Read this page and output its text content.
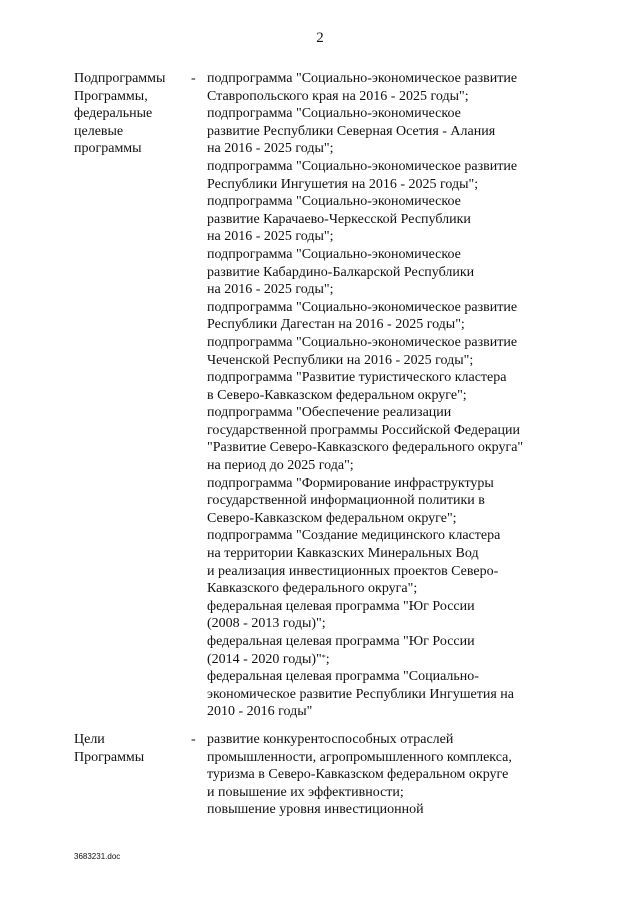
2
Подпрограммы
Программы,
федеральные
целевые
программы
- подпрограмма "Социально-экономическое развитие
Ставропольского края на 2016 - 2025 годы";
подпрограмма "Социально-экономическое
развитие Республики Северная Осетия - Алания
на 2016 - 2025 годы";
подпрограмма "Социально-экономическое развитие
Республики Ингушетия на 2016 - 2025 годы";
подпрограмма "Социально-экономическое
развитие Карачаево-Черкесской Республики
на 2016 - 2025 годы";
подпрограмма "Социально-экономическое
развитие Кабардино-Балкарской Республики
на 2016 - 2025 годы";
подпрограмма "Социально-экономическое развитие
Республики Дагестан на 2016 - 2025 годы";
подпрограмма "Социально-экономическое развитие
Чеченской Республики на 2016 - 2025 годы";
подпрограмма "Развитие туристического кластера
в Северо-Кавказском федеральном округе";
подпрограмма "Обеспечение реализации
государственной программы Российской Федерации
"Развитие Северо-Кавказского федерального округа"
на период до 2025 года";
подпрограмма "Формирование инфраструктуры
государственной информационной политики в
Северо-Кавказском федеральном округе";
подпрограмма "Создание медицинского кластера
на территории Кавказских Минеральных Вод
и реализация инвестиционных проектов Северо-
Кавказского федерального округа";
федеральная целевая программа "Юг России
(2008 - 2013 годы)";
федеральная целевая программа "Юг России
(2014 - 2020 годы)"*;
федеральная целевая программа "Социально-
экономическое развитие Республики Ингушетия на
2010 - 2016 годы"
Цели
Программы
- развитие конкурентоспособных отраслей
промышленности, агропромышленного комплекса,
туризма в Северо-Кавказском федеральном округе
и повышение их эффективности;
повышение уровня инвестиционной
3683231.doc
